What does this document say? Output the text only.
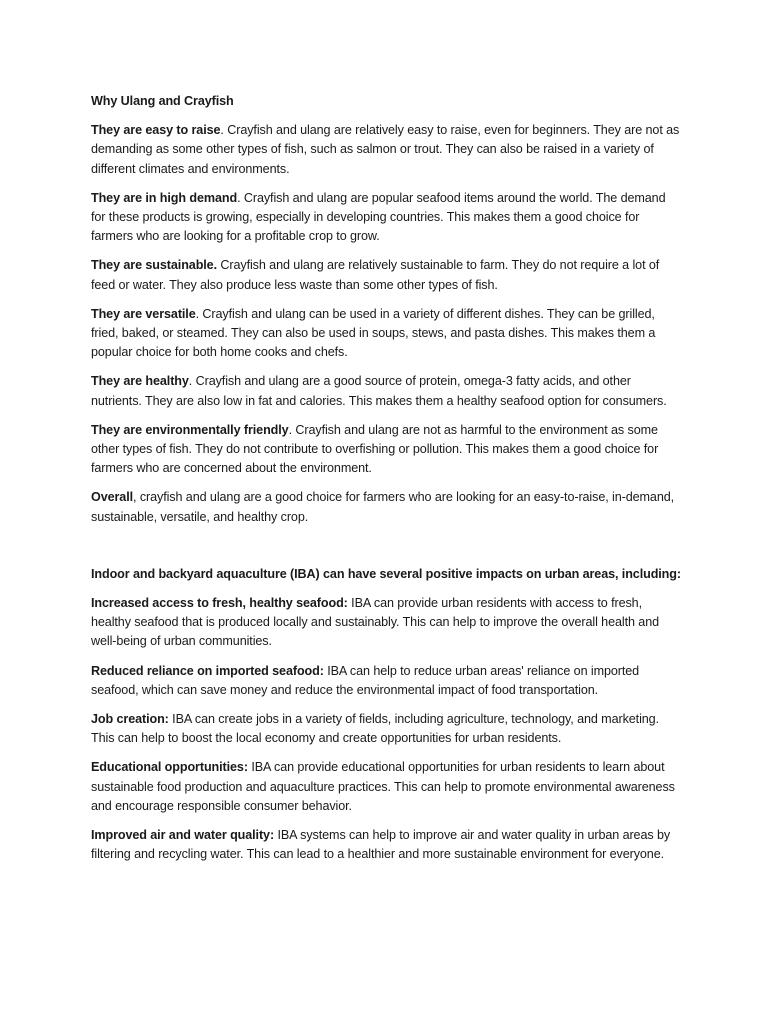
Why Ulang and Crayfish
They are easy to raise. Crayfish and ulang are relatively easy to raise, even for beginners. They are not as demanding as some other types of fish, such as salmon or trout. They can also be raised in a variety of different climates and environments.
They are in high demand. Crayfish and ulang are popular seafood items around the world. The demand for these products is growing, especially in developing countries. This makes them a good choice for farmers who are looking for a profitable crop to grow.
They are sustainable. Crayfish and ulang are relatively sustainable to farm. They do not require a lot of feed or water. They also produce less waste than some other types of fish.
They are versatile. Crayfish and ulang can be used in a variety of different dishes. They can be grilled, fried, baked, or steamed. They can also be used in soups, stews, and pasta dishes. This makes them a popular choice for both home cooks and chefs.
They are healthy. Crayfish and ulang are a good source of protein, omega-3 fatty acids, and other nutrients. They are also low in fat and calories. This makes them a healthy seafood option for consumers.
They are environmentally friendly. Crayfish and ulang are not as harmful to the environment as some other types of fish. They do not contribute to overfishing or pollution. This makes them a good choice for farmers who are concerned about the environment.
Overall, crayfish and ulang are a good choice for farmers who are looking for an easy-to-raise, in-demand, sustainable, versatile, and healthy crop.
Indoor and backyard aquaculture (IBA) can have several positive impacts on urban areas, including:
Increased access to fresh, healthy seafood: IBA can provide urban residents with access to fresh, healthy seafood that is produced locally and sustainably. This can help to improve the overall health and well-being of urban communities.
Reduced reliance on imported seafood: IBA can help to reduce urban areas' reliance on imported seafood, which can save money and reduce the environmental impact of food transportation.
Job creation: IBA can create jobs in a variety of fields, including agriculture, technology, and marketing. This can help to boost the local economy and create opportunities for urban residents.
Educational opportunities: IBA can provide educational opportunities for urban residents to learn about sustainable food production and aquaculture practices. This can help to promote environmental awareness and encourage responsible consumer behavior.
Improved air and water quality: IBA systems can help to improve air and water quality in urban areas by filtering and recycling water. This can lead to a healthier and more sustainable environment for everyone.
